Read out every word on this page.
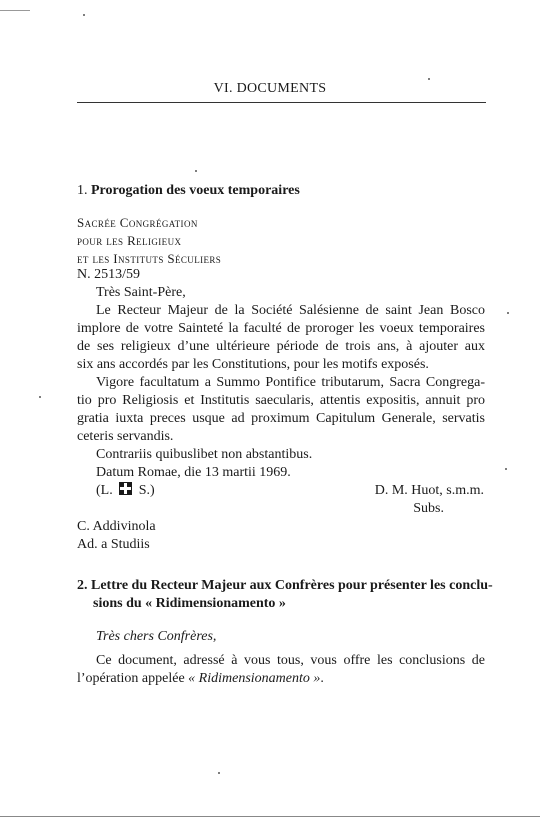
VI. DOCUMENTS
1. Prorogation des voeux temporaires
Sacrée Congrégation
pour les Religieux
et les Instituts Séculiers
N. 2513/59
Très Saint-Père,
Le Recteur Majeur de la Société Salésienne de saint Jean Bosco
implore de votre Sainteté la faculté de proroger les voeux temporaires
de ses religieux d’une ultérieure période de trois ans, à ajouter aux
six ans accordés par les Constitutions, pour les motifs exposés.
Vigore facultatum a Summo Pontifice tributarum, Sacra Congrega-
tio pro Religiosis et Institutis saecularis, attentis expositis, annuit pro
gratia iuxta preces usque ad proximum Capitulum Generale, servatis
ceteris servandis.
Contrariis quibuslibet non abstantibus.
Datum Romae, die 13 martii 1969.
(L. S.)	D. M. Huot, s.m.m.
Subs.
C. Addivinola
Ad. a Studiis
2. Lettre du Recteur Majeur aux Confrères pour présenter les conclu-
sions du « Ridimensionamento »
Très chers Confrères,
Ce document, adressé à vous tous, vous offre les conclusions de
l’opération appelée « Ridimensionamento ».
